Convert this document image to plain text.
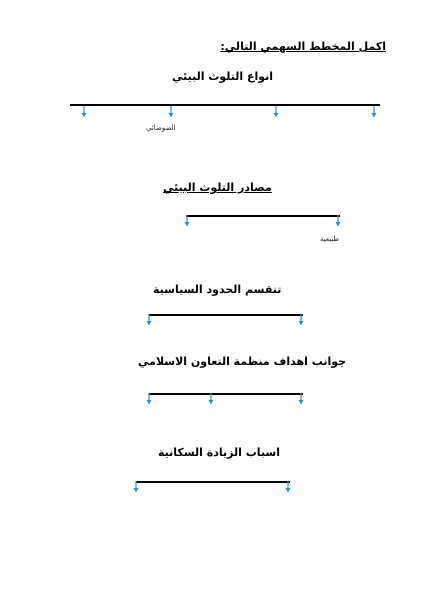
اكمل المخطط السهمي التالي:
انواع التلوث البيئي
الضوضائي
مصادر التلوث البيئي
طبيعية
تنقسم الحدود السياسية
جوانب اهداف منظمة التعاون الاسلامي
اسباب الزيادة السكانية
